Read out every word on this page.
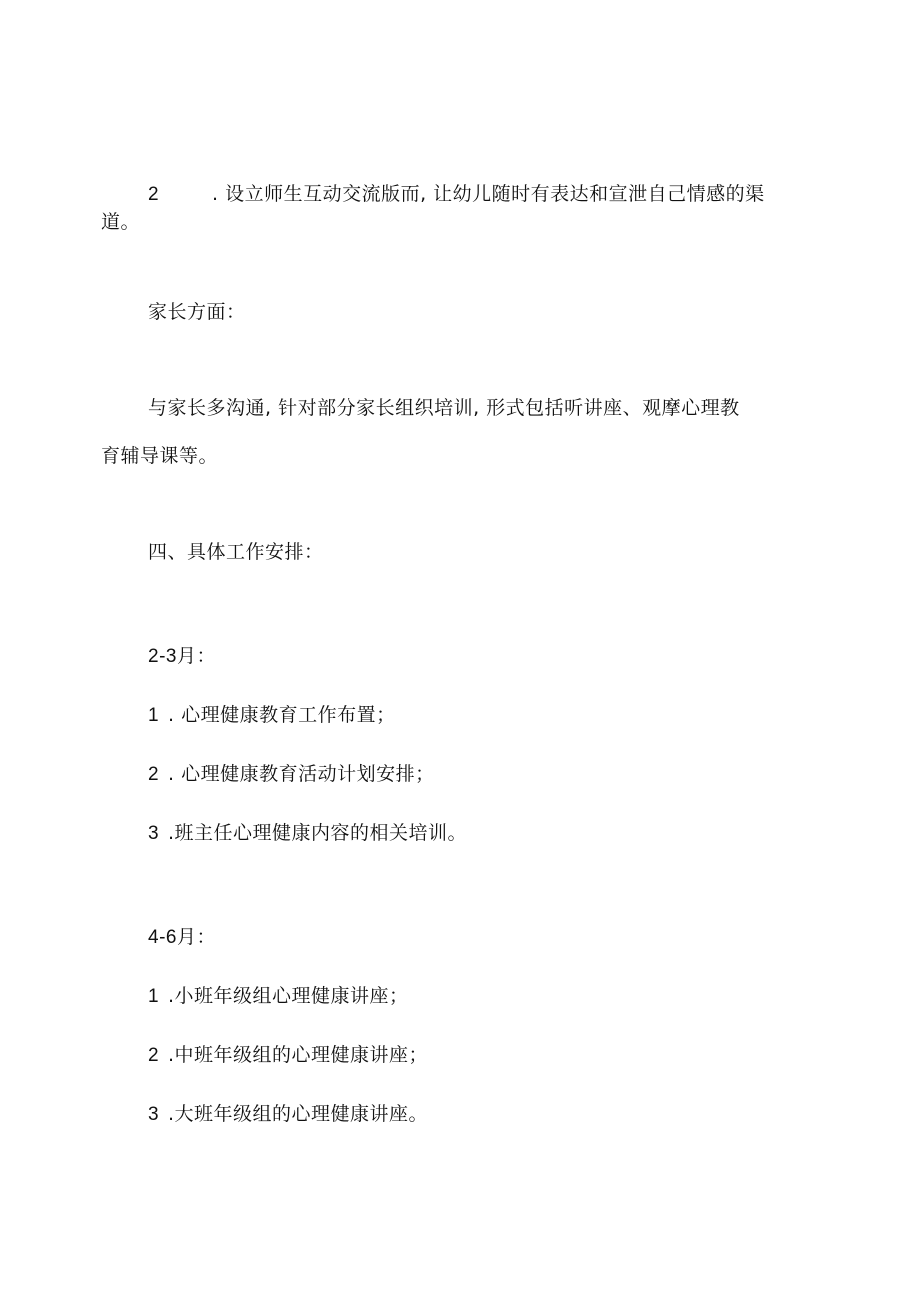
2	. 设立师生互动交流版而, 让幼儿随时有表达和宣泄自己情感的渠
道。
家长方面：
与家长多沟通, 针对部分家长组织培训, 形式包括听讲座、观摩心理教
育辅导课等。
四、具体工作安排：
2-3月：
1 . 心理健康教育工作布置；
2 . 心理健康教育活动计划安排；
3 .班主任心理健康内容的相关培训。
4-6月：
1 .小班年级组心理健康讲座；
2 .中班年级组的心理健康讲座；
3 .大班年级组的心理健康讲座。
